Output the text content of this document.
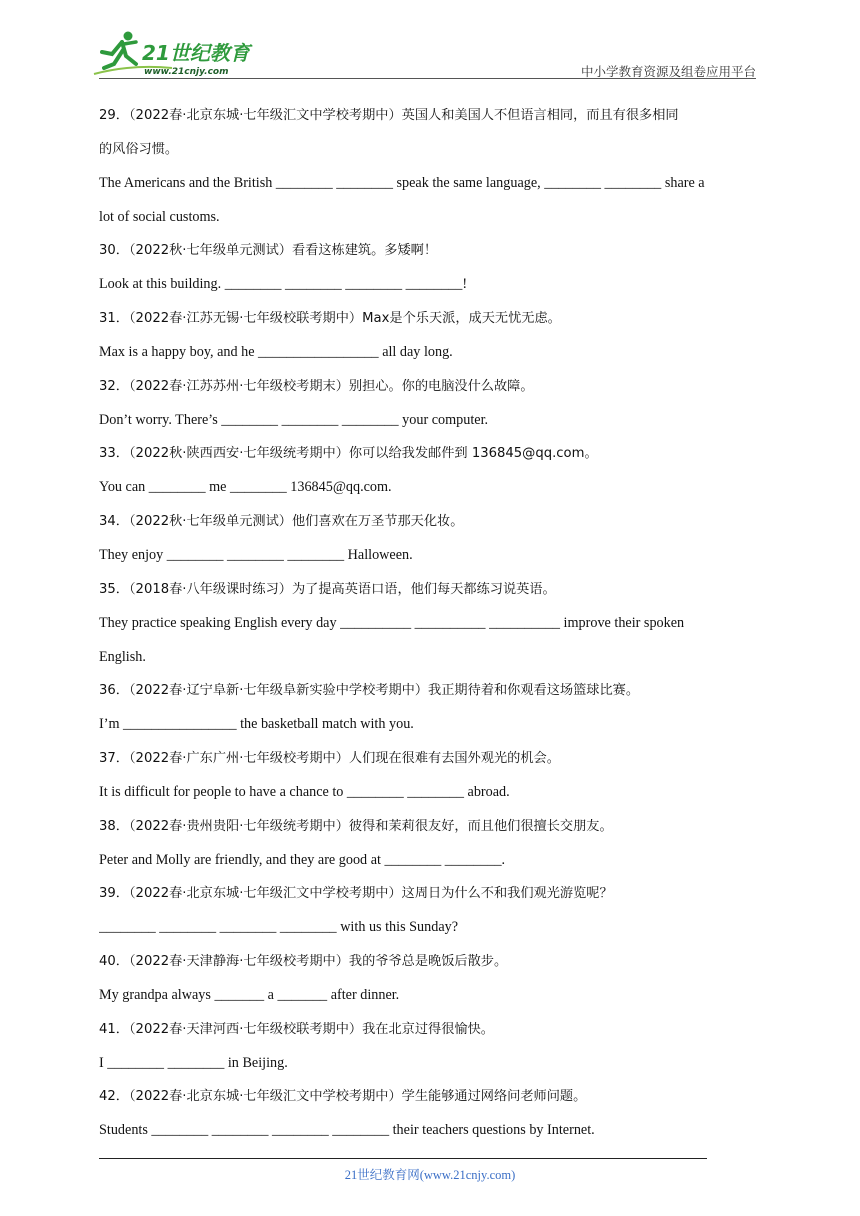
21世纪教育
www.21cnjy.com	中小学教育资源及组卷应用平台
29．（2022春·北京东城·七年级汇文中学校考期中）英国人和美国人不但语言相同，而且有很多相同
的风俗习惯。
The Americans and the British ________ ________ speak the same language, ________ ________ share a
lot of social customs.
30．（2022秋·七年级单元测试）看看这栋建筑。多矮啊！
Look at this building. ________ ________ ________ ________!
31．（2022春·江苏无锡·七年级校联考期中）Max是个乐天派，成天无忧无虑。
Max is a happy boy, and he _________________ all day long.
32．（2022春·江苏苏州·七年级校考期末）别担心。你的电脑没什么故障。
Don’t worry. There’s ________ ________ ________ your computer.
33．（2022秋·陕西西安·七年级统考期中）你可以给我发邮件到 136845@qq.com。
You can ________ me ________ 136845@qq.com.
34．（2022秋·七年级单元测试）他们喜欢在万圣节那天化妆。
They enjoy ________ ________ ________ Halloween.
35．（2018春·八年级课时练习）为了提高英语口语，他们每天都练习说英语。
They practice speaking English every day __________ __________ __________ improve their spoken
English.
36．（2022春·辽宁阜新·七年级阜新实验中学校考期中）我正期待着和你观看这场篮球比赛。
I’m ________________ the basketball match with you.
37．（2022春·广东广州·七年级校考期中）人们现在很难有去国外观光的机会。
It is difficult for people to have a chance to ________ ________ abroad.
38．（2022春·贵州贵阳·七年级统考期中）彼得和茉莉很友好，而且他们很擅长交朋友。
Peter and Molly are friendly, and they are good at ________ ________.
39．（2022春·北京东城·七年级汇文中学校考期中）这周日为什么不和我们观光游览呢？
________ ________ ________ ________ with us this Sunday?
40．（2022春·天津静海·七年级校考期中）我的爷爷总是晚饭后散步。
My grandpa always _______ a _______ after dinner.
41．（2022春·天津河西·七年级校联考期中）我在北京过得很愉快。
I ________ ________ in Beijing.
42．（2022春·北京东城·七年级汇文中学校考期中）学生能够通过网络问老师问题。
Students ________ ________ ________ ________ their teachers questions by Internet.
21世纪教育网(www.21cnjy.com)
